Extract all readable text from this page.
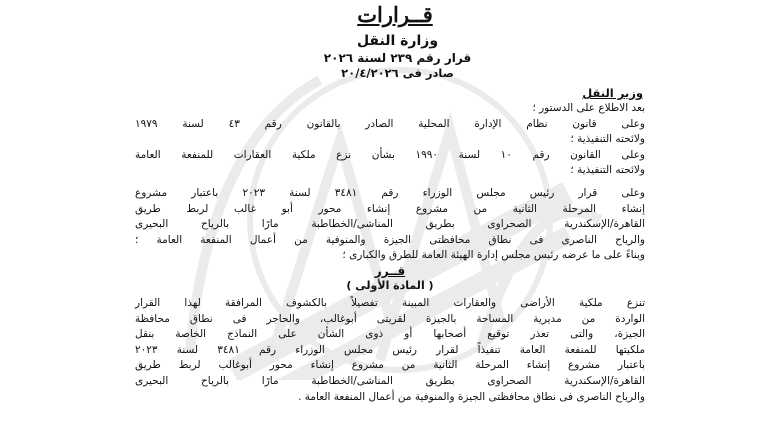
قــرارات
وزارة النقل
قرار رقم ٢٣٩ لسنة ٢٠٢٦
صادر فى ٢٠/٤/٢٠٢٦
وزير النقل

بعد الاطلاع على الدستور ؛

وعلى قانون نظام الإدارة المحلية الصادر بالقانون رقم ٤٣ لسنة ١٩٧٩

ولائحته التنفيذية ؛

وعلى القانون رقم ١٠ لسنة ١٩٩٠ بشأن نزع ملكية العقارات للمنفعة العامة

ولائحته التنفيذية ؛

وعلى قرار رئيس مجلس الوزراء رقم ٣٤٨١ لسنة ٢٠٢٣ باعتبار مشروع

إنشاء المرحلة الثانية من مشروع إنشاء محور أبو غالب لربط طريق

القاهرة/الإسكندرية الصحراوى بطريق المناشى/الخطاطبة مارًا بالرياح البحيرى

والرياح الناصرى فى نطاق محافظتى الجيزة والمنوفية من أعمال المنفعة العامة ؛

وبناءً على ما عرضه رئيس مجلس إدارة الهيئة العامة للطرق والكبارى ؛

قــرر
( المادة الأولى )

تنزع ملكية الأراضى والعقارات المبينة تفصيلاً بالكشوف المرافقة لهذا القرار

الواردة من مديرية المساحة بالجيزة لقريتى أبوغالب، والحاجر فى نطاق محافظة

الجيزة، والتى تعذر توقيع أصحابها أو ذوى الشأن على النماذج الخاصة بنقل

ملكيتها للمنفعة العامة تنفيذاً لقرار رئيس مجلس الوزراء رقم ٣٤٨١ لسنة ٢٠٢٣

باعتبار مشروع إنشاء المرحلة الثانية من مشروع إنشاء محور أبوغالب لربط طريق

القاهرة/الإسكندرية الصحراوى بطريق المناشى/الخطاطبة مارًا بالرياح البحيرى

والرياح الناصرى فى نطاق محافظتى الجيزة والمنوفية من أعمال المنفعة العامة .
